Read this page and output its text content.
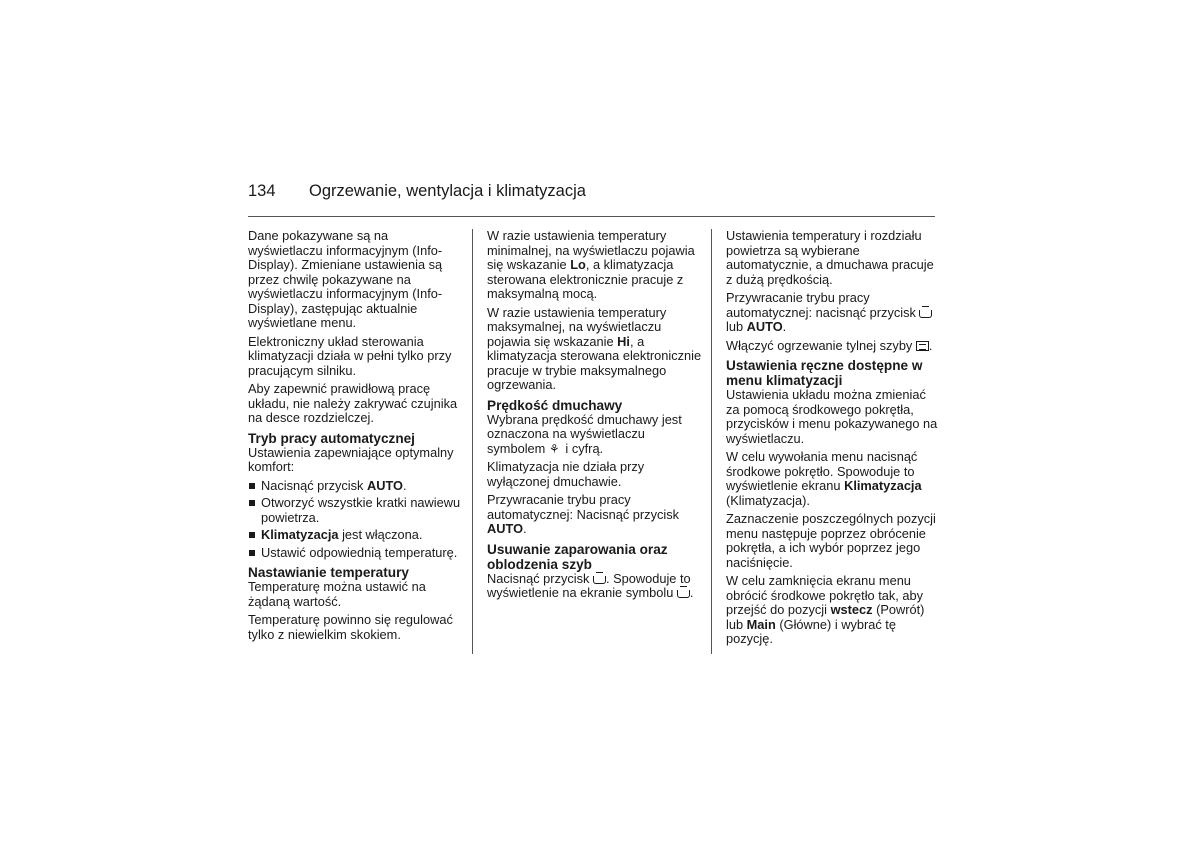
134 Ogrzewanie, wentylacja i klimatyzacja

Dane pokazywane są na wyświetlaczu informacyjnym (Info-Display). Zmieniane ustawienia są przez chwilę pokazywane na wyświetlaczu informacyjnym (Info-Display), zastępując aktualnie wyświetlane menu.

Elektroniczny układ sterowania klimatyzacji działa w pełni tylko przy pracującym silniku.

Aby zapewnić prawidłową pracę układu, nie należy zakrywać czujnika na desce rozdzielczej.

Tryb pracy automatycznej

Ustawienia zapewniające optymalny komfort:

Nacisnąć przycisk AUTO.
Otworzyć wszystkie kratki nawiewu powietrza.
Klimatyzacja jest włączona.
Ustawić odpowiednią temperaturę.
Nastawianie temperatury

Temperaturę można ustawić na żądaną wartość.

Temperaturę powinno się regulować tylko z niewielkim skokiem.

W razie ustawienia temperatury minimalnej, na wyświetlaczu pojawia się wskazanie Lo, a klimatyzacja sterowana elektronicznie pracuje z maksymalną mocą.

W razie ustawienia temperatury maksymalnej, na wyświetlaczu pojawia się wskazanie Hi, a klimatyzacja sterowana elektronicznie pracuje w trybie maksymalnego ogrzewania.

Prędkość dmuchawy

Wybrana prędkość dmuchawy jest oznaczona na wyświetlaczu symbolem ⚘ i cyfrą.

Klimatyzacja nie działa przy wyłączonej dmuchawie.

Przywracanie trybu pracy automatycznej: Nacisnąć przycisk AUTO.

Usuwanie zaparowania oraz oblodzenia szyb

Nacisnąć przycisk . Spowoduje to wyświetlenie na ekranie symbolu .

Ustawienia temperatury i rozdziału powietrza są wybierane automatycznie, a dmuchawa pracuje z dużą prędkością.

Przywracanie trybu pracy automatycznej: nacisnąć przycisk  lub AUTO.

Włączyć ogrzewanie tylnej szyby .

Ustawienia ręczne dostępne w menu klimatyzacji

Ustawienia układu można zmieniać za pomocą środkowego pokrętła, przycisków i menu pokazywanego na wyświetlaczu.

W celu wywołania menu nacisnąć środkowe pokrętło. Spowoduje to wyświetlenie ekranu Klimatyzacja (Klimatyzacja).

Zaznaczenie poszczególnych pozycji menu następuje poprzez obrócenie pokrętła, a ich wybór poprzez jego naciśnięcie.

W celu zamknięcia ekranu menu obrócić środkowe pokrętło tak, aby przejść do pozycji wstecz (Powrót) lub Main (Główne) i wybrać tę pozycję.
